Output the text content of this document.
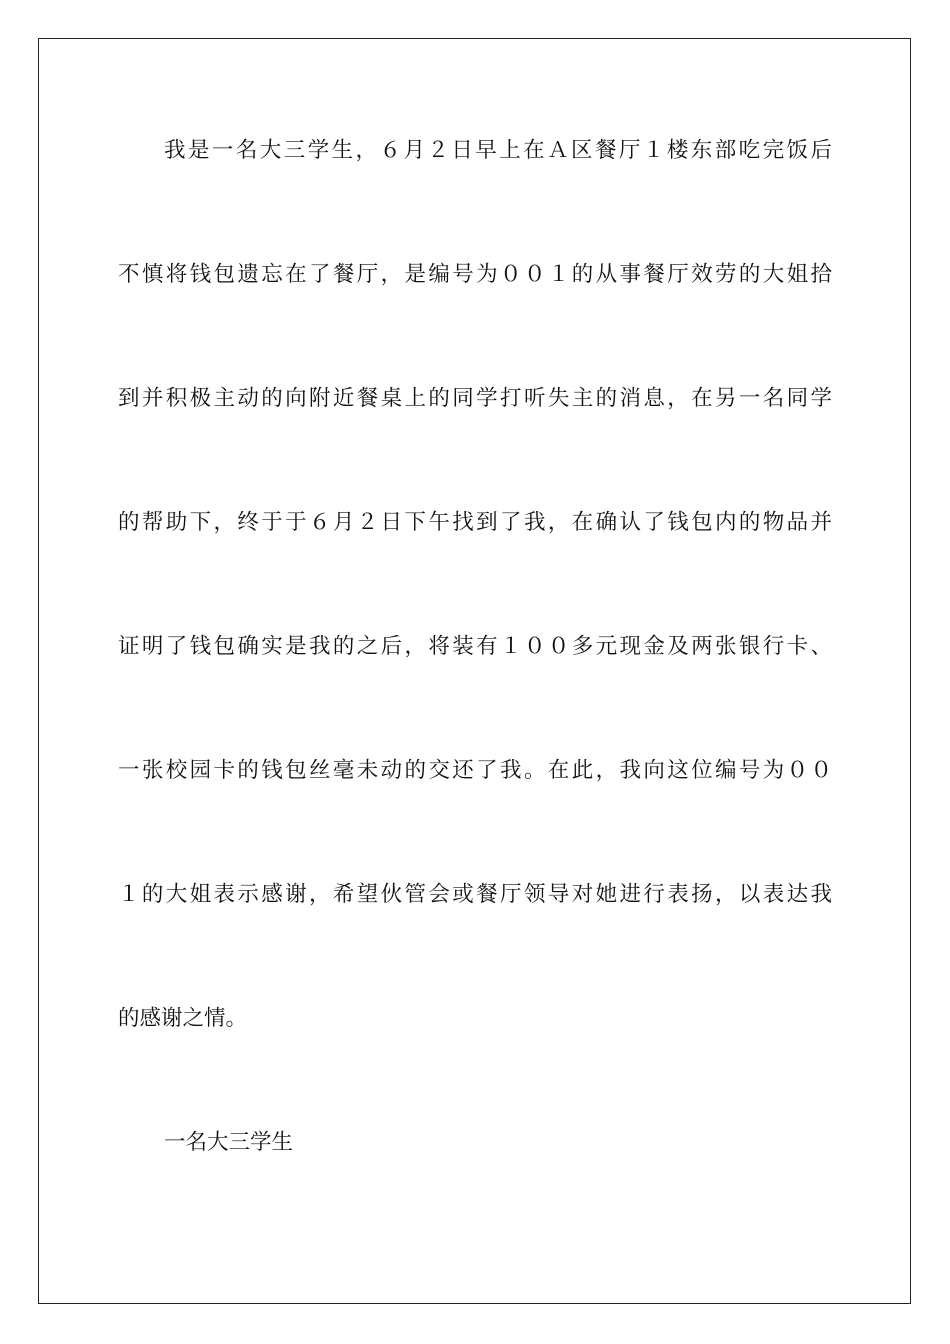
我是一名大三学生，６月２日早上在Ａ区餐厅１楼东部吃完饭后
不慎将钱包遗忘在了餐厅，是编号为００１的从事餐厅效劳的大姐拾
到并积极主动的向附近餐桌上的同学打听失主的消息，在另一名同学
的帮助下，终于于６月２日下午找到了我，在确认了钱包内的物品并
证明了钱包确实是我的之后，将装有１００多元现金及两张银行卡、
一张校园卡的钱包丝毫未动的交还了我。在此，我向这位编号为００
１的大姐表示感谢，希望伙管会或餐厅领导对她进行表扬，以表达我
的感谢之情。
一名大三学生
